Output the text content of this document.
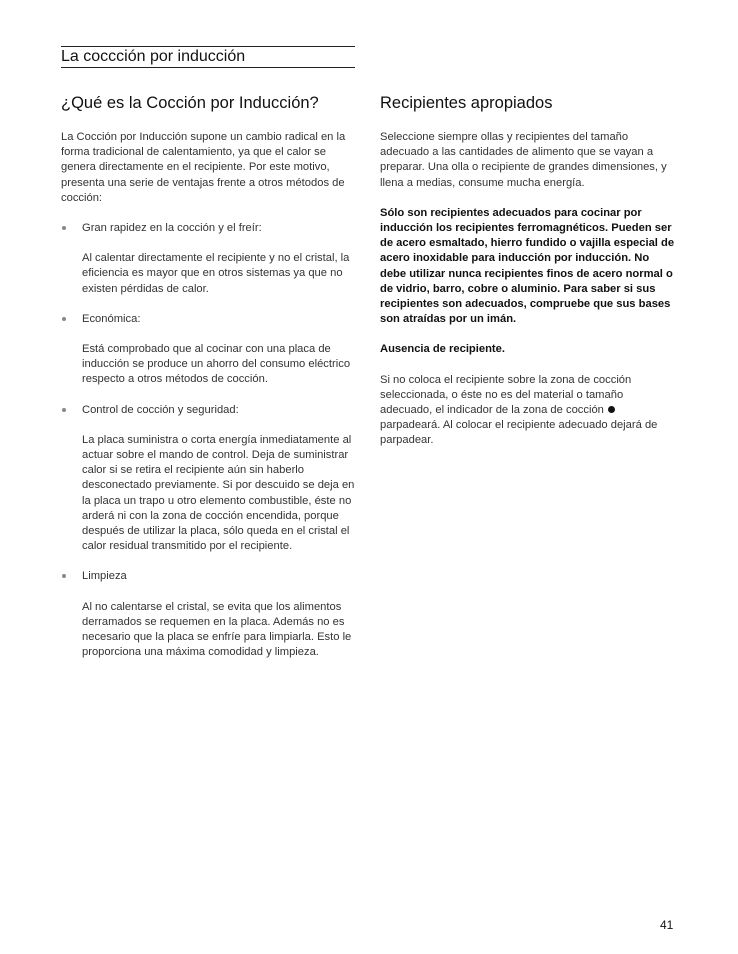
La coccción por inducción
¿Qué es la Cocción por Inducción?

La Cocción por Inducción supone un cambio radical en la forma tradicional de calentamiento, ya que el calor se genera directamente en el recipiente. Por este motivo, presenta una serie de ventajas frente a otros métodos de cocción:

Gran rapidez en la cocción y el freír:

Al calentar directamente el recipiente y no el cristal, la eficiencia es mayor que en otros sistemas ya que no existen pérdidas de calor.

Económica:

Está comprobado que al cocinar con una placa de inducción se produce un ahorro del consumo eléctrico respecto a otros métodos de cocción.

Control de cocción y seguridad:

La placa suministra o corta energía inmediatamente al actuar sobre el mando de control. Deja de suministrar calor si se retira el recipiente aún sin haberlo desconectado previamente. Si por descuido se deja en la placa un trapo u otro elemento combustible, éste no arderá ni con la zona de cocción encendida, porque después de utilizar la placa, sólo queda en el cristal el calor residual transmitido por el recipiente.

Limpieza

Al no calentarse el cristal, se evita que los alimentos derramados se requemen en la placa. Además no es necesario que la placa se enfríe para limpiarla. Esto le proporciona una máxima comodidad y limpieza.

Recipientes apropiados

Seleccione siempre ollas y recipientes del tamaño adecuado a las cantidades de alimento que se vayan a preparar. Una olla o recipiente de grandes dimensiones, y llena a medias, consume mucha energía.

Sólo son recipientes adecuados para cocinar por inducción los recipientes ferromagnéticos. Pueden ser de acero esmaltado, hierro fundido o vajilla especial de acero inoxidable para inducción por inducción. No debe utilizar nunca recipientes finos de acero normal o de vidrio, barro, cobre o aluminio. Para saber si sus recipientes son adecuados, compruebe que sus bases son atraídas por un imán.

Ausencia de recipiente.

Si no coloca el recipiente sobre la zona de cocción seleccionada, o éste no es del material o tamaño adecuado, el indicador de la zona de cocción  parpadeará. Al colocar el recipiente adecuado dejará de parpadear.

41
